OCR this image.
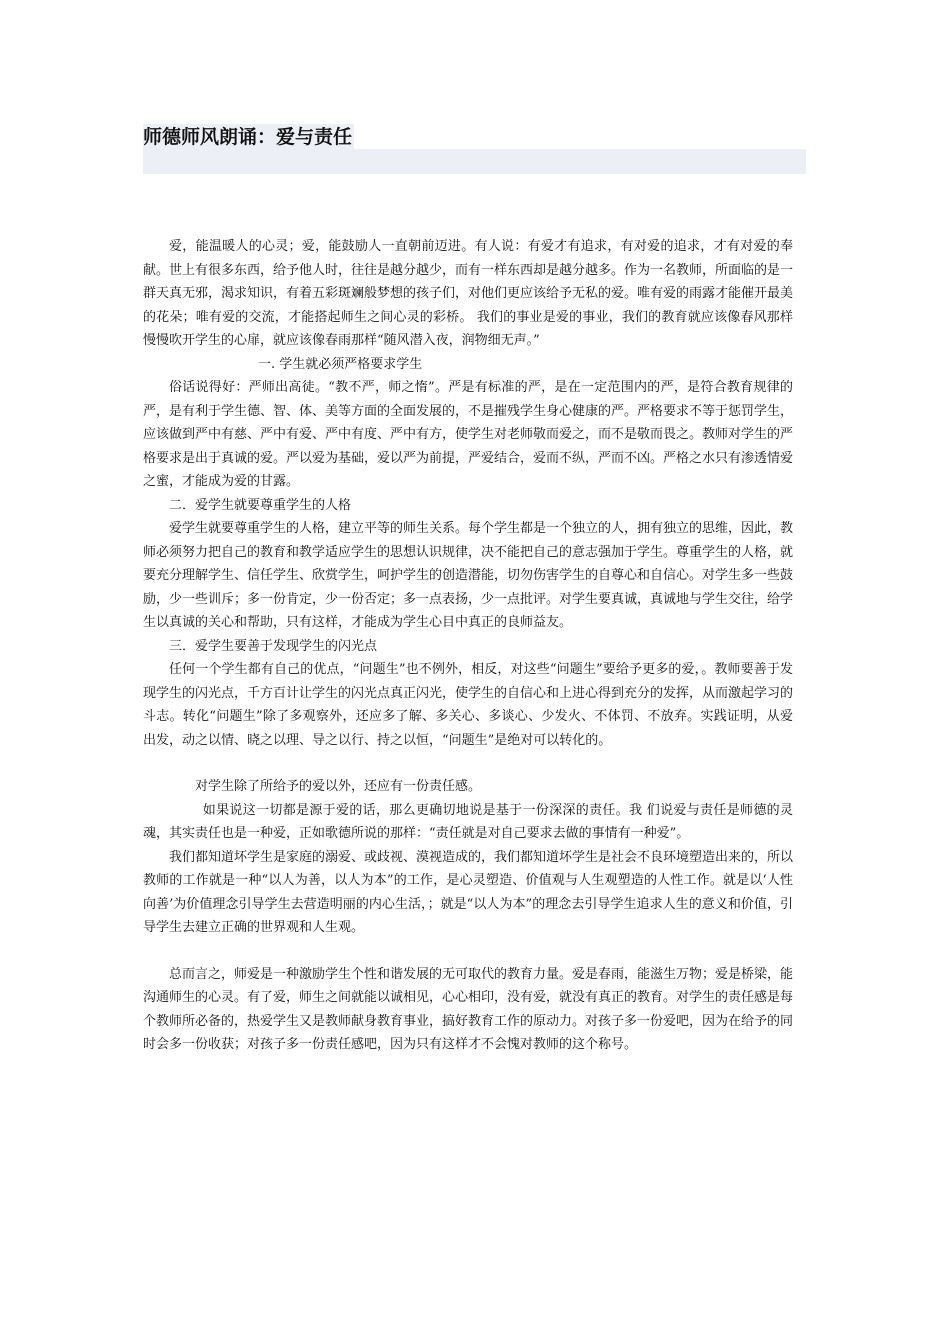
师德师风朗诵：爱与责任

爱，能温暖人的心灵；爱，能鼓励人一直朝前迈进。有人说：有爱才有追求，有对爱的追求，才有对爱的奉献。世上有很多东西，给予他人时，往往是越分越少，而有一样东西却是越分越多。作为一名教师，所面临的是一群天真无邪，渴求知识，有着五彩斑斓般梦想的孩子们，对他们更应该给予无私的爱。唯有爱的雨露才能催开最美的花朵；唯有爱的交流，才能搭起师生之间心灵的彩桥。 我们的事业是爱的事业，我们的教育就应该像春风那样慢慢吹开学生的心扉，就应该像春雨那样“随风潜入夜，润物细无声。”

一. 学生就必须严格要求学生

俗话说得好：严师出高徒。“教不严，师之惰”。严是有标准的严，是在一定范围内的严，是符合教育规律的严，是有利于学生德、智、体、美等方面的全面发展的，不是摧残学生身心健康的严。严格要求不等于惩罚学生，应该做到严中有慈、严中有爱、严中有度、严中有方，使学生对老师敬而爱之，而不是敬而畏之。教师对学生的严格要求是出于真诚的爱。严以爱为基础，爱以严为前提，严爱结合，爱而不纵，严而不凶。严格之水只有渗透情爱之蜜，才能成为爱的甘露。

二．爱学生就要尊重学生的人格

爱学生就要尊重学生的人格，建立平等的师生关系。每个学生都是一个独立的人，拥有独立的思维，因此，教师必须努力把自己的教育和教学适应学生的思想认识规律，决不能把自己的意志强加于学生。尊重学生的人格，就要充分理解学生、信任学生、欣赏学生，呵护学生的创造潜能，切勿伤害学生的自尊心和自信心。对学生多一些鼓励，少一些训斥；多一份肯定，少一份否定；多一点表扬，少一点批评。对学生要真诚，真诚地与学生交往，给学生以真诚的关心和帮助，只有这样，才能成为学生心目中真正的良师益友。

三．爱学生要善于发现学生的闪光点

任何一个学生都有自己的优点，“问题生”也不例外，相反，对这些“问题生”要给予更多的爱，。教师要善于发现学生的闪光点，千方百计让学生的闪光点真正闪光，使学生的自信心和上进心得到充分的发挥，从而激起学习的斗志。转化“问题生”除了多观察外，还应多了解、多关心、多谈心、少发火、不体罚、不放弃。实践证明，从爱出发，动之以情、晓之以理、导之以行、持之以恒，“问题生”是绝对可以转化的。

对学生除了所给予的爱以外，还应有一份责任感。

如果说这一切都是源于爱的话，那么更确切地说是基于一份深深的责任。我 们说爱与责任是师德的灵魂，其实责任也是一种爱，正如歌德所说的那样：“责任就是对自己要求去做的事情有一种爱”。

我们都知道坏学生是家庭的溺爱、或歧视、漠视造成的，我们都知道坏学生是社会不良环境塑造出来的，所以教师的工作就是一种“以人为善，以人为本”的工作，是心灵塑造、价值观与人生观塑造的人性工作。就是以‘人性向善’为价值理念引导学生去营造明丽的内心生活，；就是“以人为本”的理念去引导学生追求人生的意义和价值，引导学生去建立正确的世界观和人生观。

总而言之，师爱是一种激励学生个性和谐发展的无可取代的教育力量。爱是春雨，能滋生万物；爱是桥梁，能沟通师生的心灵。有了爱，师生之间就能以诚相见，心心相印，没有爱，就没有真正的教育。对学生的责任感是每个教师所必备的，热爱学生又是教师献身教育事业，搞好教育工作的原动力。对孩子多一份爱吧，因为在给予的同时会多一份收获；对孩子多一份责任感吧，因为只有这样才不会愧对教师的这个称号。
